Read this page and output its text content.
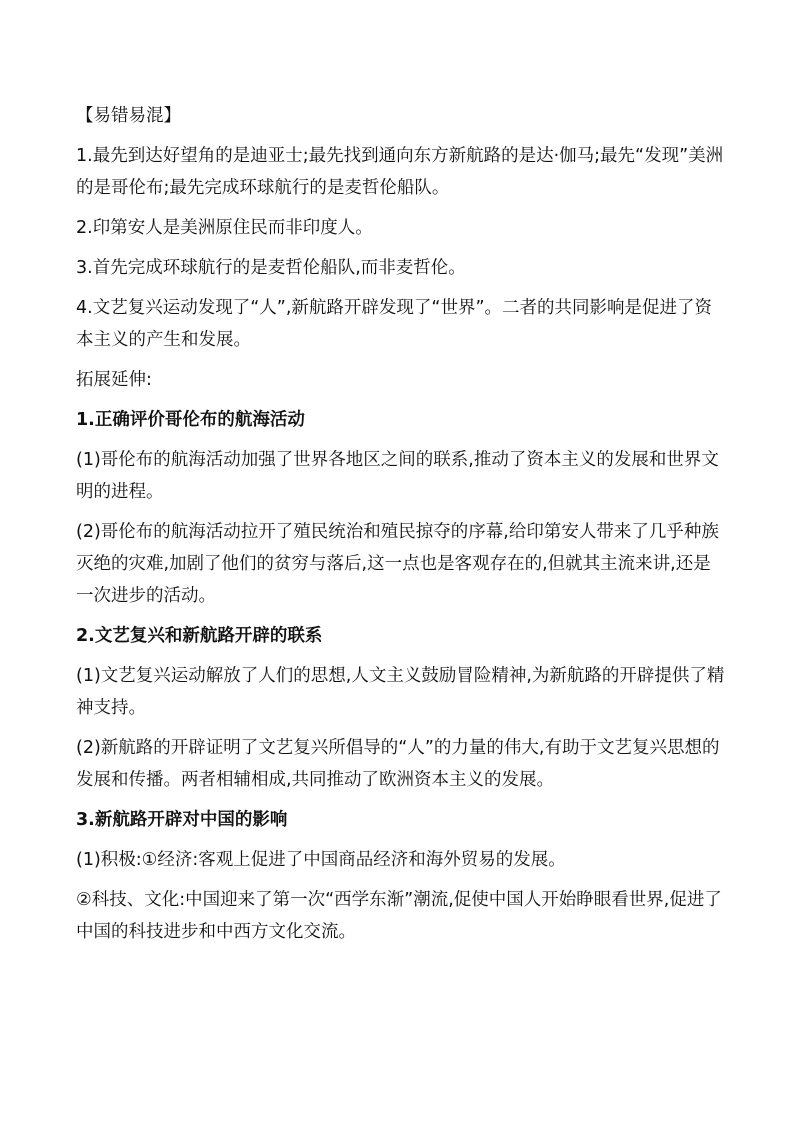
【易错易混】

1.最先到达好望角的是迪亚士;最先找到通向东方新航路的是达·伽马;最先“发现”美洲的是哥伦布;最先完成环球航行的是麦哲伦船队。

2.印第安人是美洲原住民而非印度人。

3.首先完成环球航行的是麦哲伦船队,而非麦哲伦。

4.文艺复兴运动发现了“人”,新航路开辟发现了“世界”。二者的共同影响是促进了资本主义的产生和发展。

拓展延伸:

1.正确评价哥伦布的航海活动

(1)哥伦布的航海活动加强了世界各地区之间的联系,推动了资本主义的发展和世界文明的进程。

(2)哥伦布的航海活动拉开了殖民统治和殖民掠夺的序幕,给印第安人带来了几乎种族灭绝的灾难,加剧了他们的贫穷与落后,这一点也是客观存在的,但就其主流来讲,还是一次进步的活动。

2.文艺复兴和新航路开辟的联系

(1)文艺复兴运动解放了人们的思想,人文主义鼓励冒险精神,为新航路的开辟提供了精神支持。

(2)新航路的开辟证明了文艺复兴所倡导的“人”的力量的伟大,有助于文艺复兴思想的发展和传播。两者相辅相成,共同推动了欧洲资本主义的发展。

3.新航路开辟对中国的影响

(1)积极:①经济:客观上促进了中国商品经济和海外贸易的发展。

②科技、文化:中国迎来了第一次“西学东渐”潮流,促使中国人开始睁眼看世界,促进了中国的科技进步和中西方文化交流。
